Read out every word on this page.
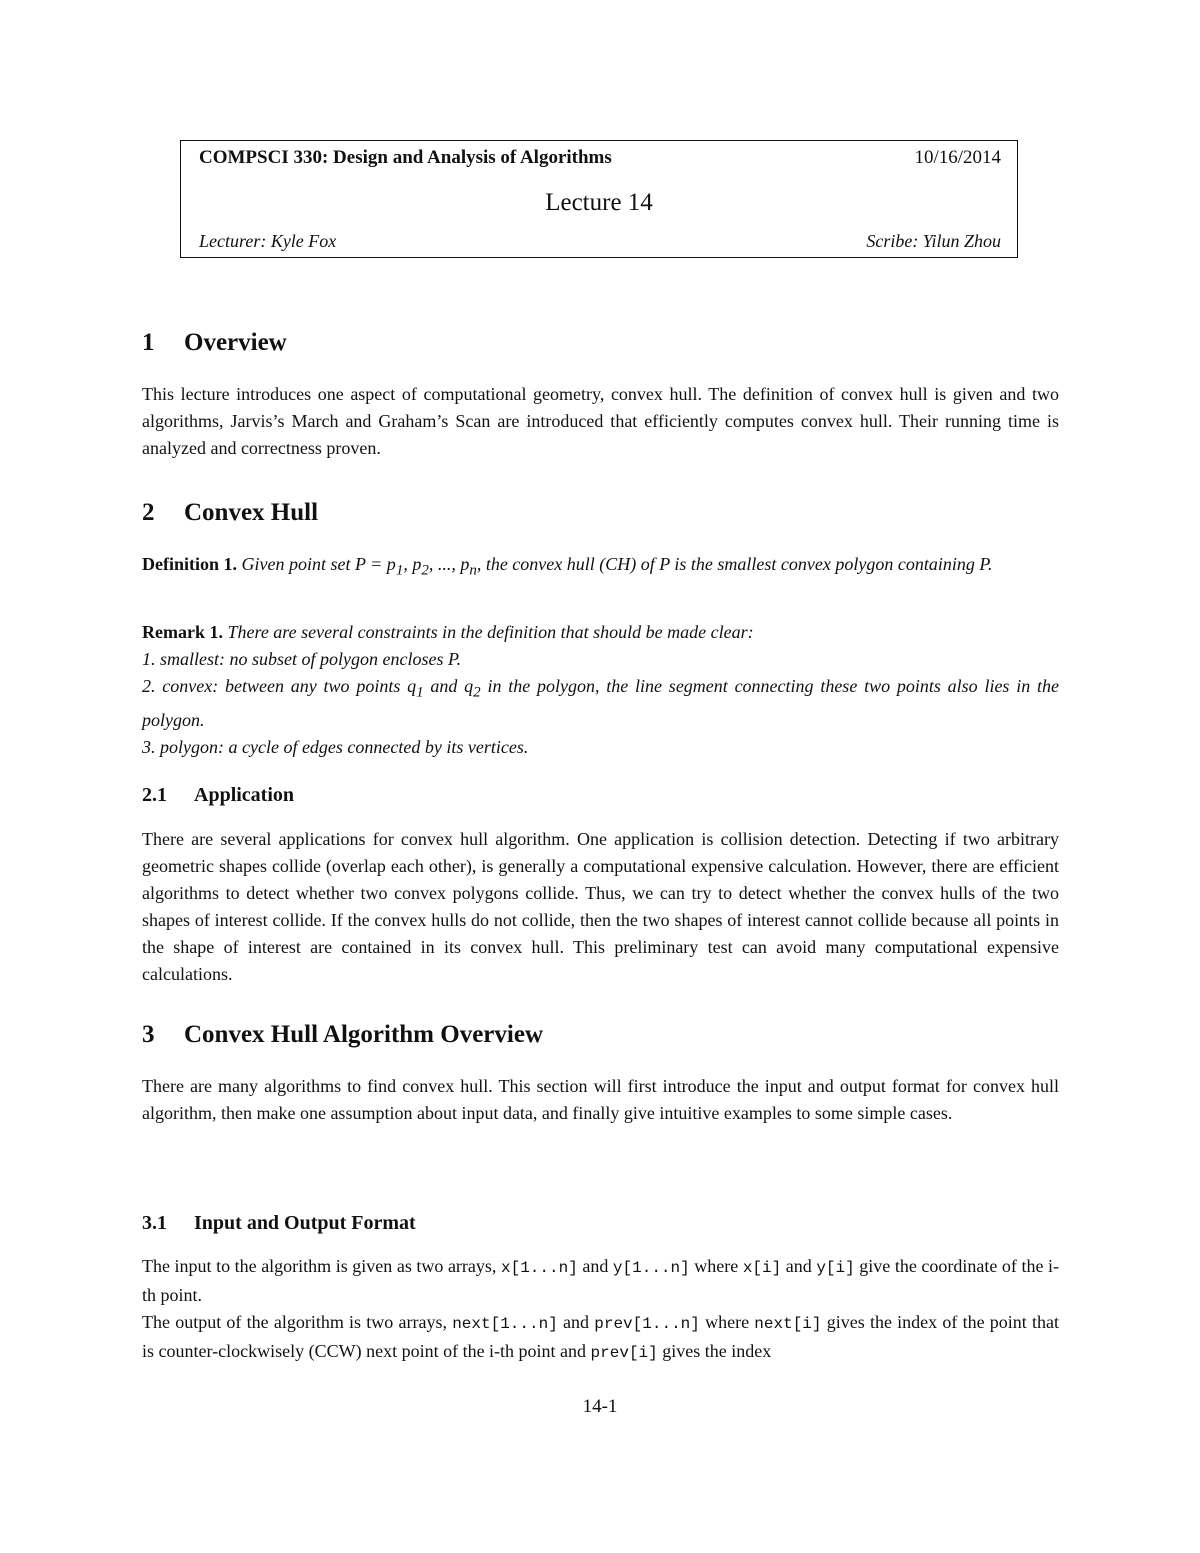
COMPSCI 330: Design and Analysis of Algorithms	10/16/2014
Lecture 14
Lecturer: Kyle Fox	Scribe: Yilun Zhou
1 Overview

This lecture introduces one aspect of computational geometry, convex hull. The definition of convex hull is given and two algorithms, Jarvis’s March and Graham’s Scan are introduced that efficiently computes convex hull. Their running time is analyzed and correctness proven.

2 Convex Hull

Definition 1. Given point set $P = p_1$, $p_2$, ..., $p_n$, the convex hull (CH) of P is the smallest convex polygon containing P.

Remark 1. There are several constraints in the definition that should be made clear:
1. smallest: no subset of polygon encloses P.
2. convex: between any two points $q_1$ and $q_2$ in the polygon, the line segment connecting these two points also lies in the polygon.
3. polygon: a cycle of edges connected by its vertices.

2.1 Application

There are several applications for convex hull algorithm. One application is collision detection. Detecting if two arbitrary geometric shapes collide (overlap each other), is generally a computational expensive calculation. However, there are efficient algorithms to detect whether two convex polygons collide. Thus, we can try to detect whether the convex hulls of the two shapes of interest collide. If the convex hulls do not collide, then the two shapes of interest cannot collide because all points in the shape of interest are contained in its convex hull. This preliminary test can avoid many computational expensive calculations.

3 Convex Hull Algorithm Overview

There are many algorithms to find convex hull. This section will first introduce the input and output format for convex hull algorithm, then make one assumption about input data, and finally give intuitive examples to some simple cases.

3.1 Input and Output Format

The input to the algorithm is given as two arrays, x[1...n] and y[1...n] where x[i] and y[i] give the coordinate of the i-th point.
The output of the algorithm is two arrays, next[1...n] and prev[1...n] where next[i] gives the index of the point that is counter-clockwisely (CCW) next point of the i-th point and prev[i] gives the index

14-1
